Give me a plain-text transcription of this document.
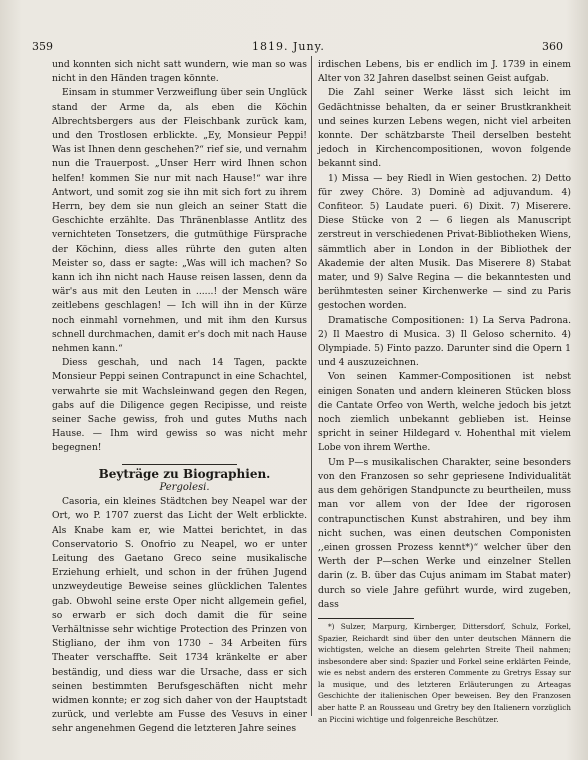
359	1819. Juny.	360

und konnten sich nicht satt wundern, wie man so was nicht in den Händen tragen könnte.

Einsam in stummer Verzweiflung über sein Unglück stand der Arme da, als eben die Köchin Albrechtsbergers aus der Fleischbank zurück kam, und den Trostlosen erblickte. „Ey, Monsieur Peppi! Was ist Ihnen denn geschehen?“ rief sie, und vernahm nun die Trauerpost. „Unser Herr wird Ihnen schon helfen! kommen Sie nur mit nach Hause!“ war ihre Antwort, und somit zog sie ihn mit sich fort zu ihrem Herrn, bey dem sie nun gleich an seiner Statt die Geschichte erzählte. Das Thränenblasse Antlitz des vernichteten Tonsetzers, die gutmüthige Fürsprache der Köchinn, diess alles rührte den guten alten Meister so, dass er sagte: „Was will ich machen? So kann ich ihn nicht nach Hause reisen lassen, denn da wär's aus mit den Leuten in ......! der Mensch wäre zeitlebens geschlagen! — Ich will ihn in der Kürze noch einmahl vornehmen, und mit ihm den Kursus schnell durchmachen, damit er's doch mit nach Hause nehmen kann.“

Diess geschah, und nach 14 Tagen, packte Monsieur Peppi seinen Contrapunct in eine Schachtel, verwahrte sie mit Wachsleinwand gegen den Regen, gabs auf die Diligence gegen Recipisse, und reiste seiner Sache gewiss, froh und gutes Muths nach Hause. — Ihm wird gewiss so was nicht mehr begegnen!

Beyträge zu Biographien.

Pergolesi.

Casoria, ein kleines Städtchen bey Neapel war der Ort, wo P. 1707 zuerst das Licht der Welt erblickte. Als Knabe kam er, wie Mattei berichtet, in das Conservatorio S. Onofrio zu Neapel, wo er unter Leitung des Gaetano Greco seine musikalische Erziehung erhielt, und schon in der frühen Jugend unzweydeutige Beweise seines glücklichen Talentes gab. Obwohl seine erste Oper nicht allgemein gefiel, so erwarb er sich doch damit die für seine Verhältnisse sehr wichtige Protection des Prinzen von Stigliano, der ihm von 1730 – 34 Arbeiten fürs Theater verschaffte. Seit 1734 kränkelte er aber beständig, und diess war die Ursache, dass er sich seinen bestimmten Berufsgeschäften nicht mehr widmen konnte; er zog sich daher von der Hauptstadt zurück, und verlebte am Fusse des Vesuvs in einer sehr angenehmen Gegend die letzteren Jahre seines

irdischen Lebens, bis er endlich im J. 1739 in einem Alter von 32 Jahren daselbst seinen Geist aufgab.

Die Zahl seiner Werke lässt sich leicht im Gedächtnisse behalten, da er seiner Brustkrankheit und seines kurzen Lebens wegen, nicht viel arbeiten konnte. Der schätzbarste Theil derselben besteht jedoch in Kirchencompositionen, wovon folgende bekannt sind.

1) Missa — bey Riedl in Wien gestochen. 2) Detto für zwey Chöre. 3) Dominè ad adjuvandum. 4) Confiteor. 5) Laudate pueri. 6) Dixit. 7) Miserere. Diese Stücke von 2 — 6 liegen als Manuscript zerstreut in verschiedenen Privat-Bibliotheken Wiens, sämmtlich aber in London in der Bibliothek der Akademie der alten Musik. Das Miserere 8) Stabat mater, und 9) Salve Regina — die bekanntesten und berühmtesten seiner Kirchenwerke — sind zu Paris gestochen worden.

Dramatische Compositionen: 1) La Serva Padrona. 2) Il Maestro di Musica. 3) Il Geloso schernito. 4) Olympiade. 5) Finto pazzo. Darunter sind die Opern 1 und 4 auszuzeichnen.

Von seinen Kammer-Compositionen ist nebst einigen Sonaten und andern kleineren Stücken bloss die Cantate Orfeo von Werth, welche jedoch bis jetzt noch ziemlich unbekannt geblieben ist. Heinse spricht in seiner Hildegard v. Hohenthal mit vielem Lobe von ihrem Werthe.

Um P—s musikalischen Charakter, seine besonders von den Franzosen so sehr gepriesene Individualität aus dem gehörigen Standpuncte zu beurtheilen, muss man vor allem von der Idee der rigorosen contrapunctischen Kunst abstrahiren, und bey ihm nicht suchen, was einen deutschen Componisten ,,einen grossen Prozess kennt*)“ welcher über den Werth der P—schen Werke und einzelner Stellen darin (z. B. über das Cujus animam im Stabat mater) durch so viele Jahre geführt wurde, wird zugeben, dass

*) Sulzer, Marpurg, Kirnberger, Dittersdorf, Schulz, Forkel, Spazier, Reichardt sind über den unter deutschen Männern die wichtigsten, welche an diesem gelehrten Streite Theil nahmen; insbesondere aber sind: Spazier und Forkel seine erklärten Feinde, wie es nebst andern des ersteren Commente zu Gretrys Essay sur la musique, und des letzteren Erläuterungen zu Arteagas Geschichte der italienischen Oper beweisen. Bey den Franzosen aber hatte P. an Rousseau und Gretry bey den Italienern vorzüglich an Piccini wichtige und folgenreiche Beschützer.
